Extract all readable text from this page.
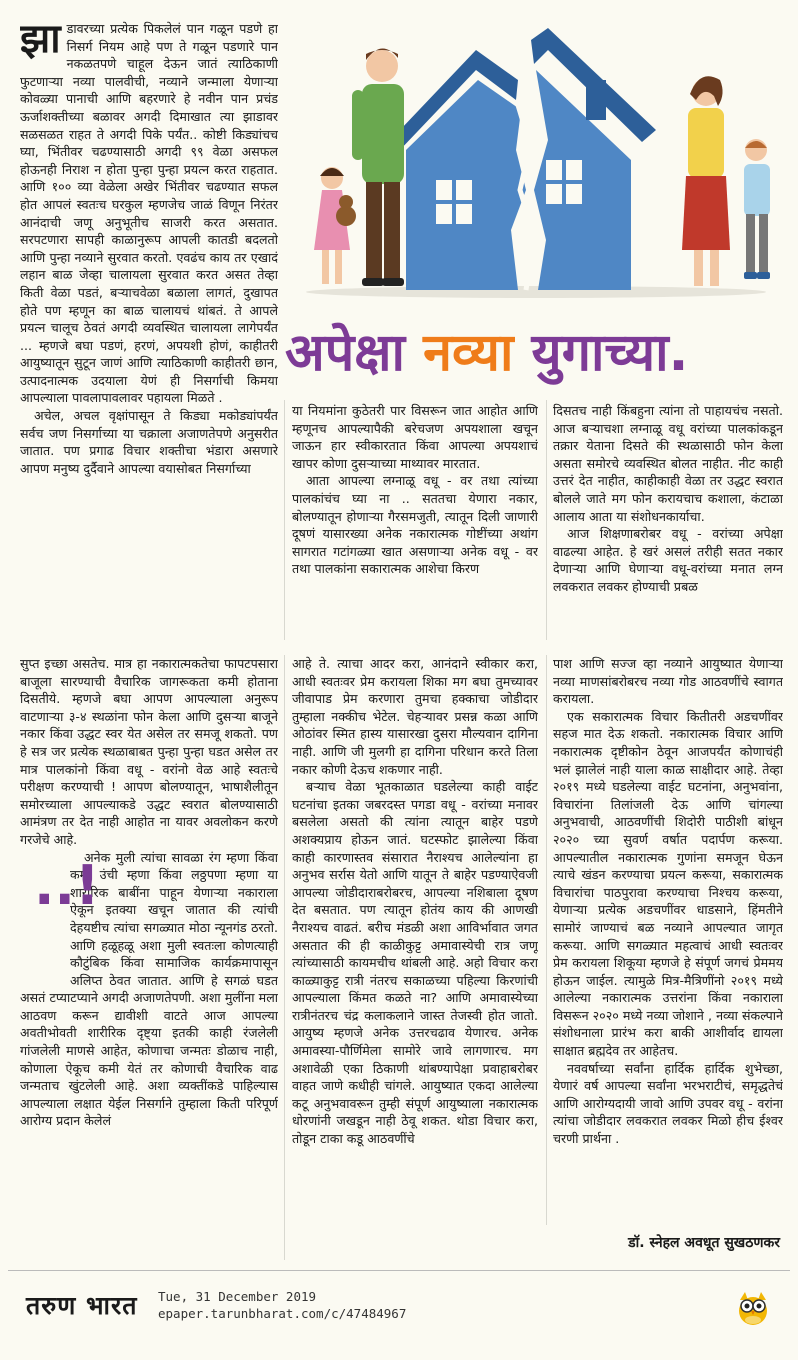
झा डावरच्या प्रत्येक पिकलेलं पान गळून पडणे हा निसर्ग नियम आहे पण ते गळून पडणारे पान नकळतपणे चाहूल देऊन जातं त्याठिकाणी फुटणाऱ्या नव्या पालवीची, नव्याने जन्माला येणाऱ्या कोवळ्या पानाची आणि बहरणारे हे नवीन पान प्रचंड ऊर्जाशक्तीच्या बळावर अगदी दिमाखात त्या झाडावर सळसळत राहत ते अगदी पिके पर्यंत.. कोष्टी किड्यांचच घ्या, भिंतीवर चढण्यासाठी अगदी ९९ वेळा असफल होऊनही निराश न होता पुन्हा पुन्हा प्रयत्न करत राहतात. आणि १०० व्या वेळेला अखेर भिंतीवर चढण्यात सफल होत आपलं स्वतःच घरकुल म्हणजेच जाळं विणून निरंतर आनंदाची जणू अनुभूतीच साजरी करत असतात. सरपटणारा सापही काळानुरूप आपली कातडी बदलतो आणि पुन्हा नव्याने सुरवात करतो. एवढंच काय तर एखादं लहान बाळ जेव्हा चालायला सुरवात करत असत तेव्हा किती वेळा पडतं, बऱ्याचवेळा बळाला लागतं, दुखापत होते पण म्हणून का बाळ चालायचं थांबतं. ते आपले प्रयत्न चालूच ठेवतं अगदी व्यवस्थित चालायला लागेपर्यंत ... म्हणजे बघा पडणं, हरणं, अपयशी होणं, काहीतरी आयुष्यातून सुटून जाणं आणि त्याठिकाणी काहीतरी छान, उत्पादनात्मक उदयाला येणं ही निसर्गाची किमया आपल्याला पावलापावलावर पहायला मिळते .

अचेल, अचल वृक्षांपासून ते किड्या मकोड्यांपर्यंत सर्वच जण निसर्गाच्या या चक्राला अजाणतेपणे अनुसरीत जातात. पण प्रगाढ विचार शक्तीचा भंडारा असणारे आपण मनुष्य दुर्दैवाने आपल्या वयासोबत निसर्गाच्या

अपेक्षा नव्या युगाच्या.

या नियमांना कुठेतरी पार विसरून जात आहोत आणि म्हणूनच आपल्यापैकी बरेचजण अपयशाला खचून जाऊन हार स्वीकारतात किंवा आपल्या अपयशाचं खापर कोणा दुसऱ्याच्या माथ्यावर मारतात.

आता आपल्या लग्नाळू वधू - वर तथा त्यांच्या पालकांचंच घ्या ना .. सततचा येणारा नकार, बोलण्यातून होणाऱ्या गैरसमजुती, त्यातून दिली जाणारी दूषणं यासारख्या अनेक नकारात्मक गोष्टींच्या अथांग सागरात गटांगळ्या खात असणाऱ्या अनेक वधू - वर तथा पालकांना सकारात्मक आशेचा किरण

दिसतच नाही किंबहुना त्यांना तो पाहायचंच नसतो. आज बऱ्याचशा लग्नाळू वधू वरांच्या पालकांकडून तक्रार येताना दिसते की स्थळासाठी फोन केला असता समोरचे व्यवस्थित बोलत नाहीत. नीट काही उत्तरं देत नाहीत, काहीकाही वेळा तर उद्धट स्वरात बोलले जाते मग फोन करायचाच कशाला, कंटाळा आलाय आता या संशोधनकार्याचा.

आज शिक्षणाबरोबर वधू - वरांच्या अपेक्षा वाढल्या आहेत. हे खरं असलं तरीही सतत नकार देणाऱ्या आणि घेणाऱ्या वधू-वरांच्या मनात लग्न लवकरात लवकर होण्याची प्रबळ

सुप्त इच्छा असतेच. मात्र हा नकारात्मकतेचा फापटपसारा बाजूला सारण्याची वैचारिक जागरूकता कमी होताना दिसतीये. म्हणजे बघा आपण आपल्याला अनुरूप वाटणाऱ्या ३-४ स्थळांना फोन केला आणि दुसऱ्या बाजूने नकार किंवा उद्धट स्वर येत असेल तर समजू शकतो. पण हे सत्र जर प्रत्येक स्थळाबाबत पुन्हा पुन्हा घडत असेल तर मात्र पालकांनो किंवा वधू - वरांनो वेळ आहे स्वतःचे परीक्षण करण्याची ! आपण बोलण्यातून, भाषाशैलीतून समोरच्याला आपल्याकडे उद्धट स्वरात बोलण्यासाठी आमंत्रण तर देत नाही आहोत ना यावर अवलोकन करणे गरजेचे आहे.

..!
अनेक मुली त्यांचा सावळा रंग म्हणा किंवा कमी उंची म्हणा किंवा लठ्ठपणा म्हणा या शारीरिक बाबींना पाहून येणाऱ्या नकाराला ऐकून इतक्या खचून जातात की त्यांची देहयष्टीच त्यांचा सगळ्यात मोठा न्यूनगंड ठरतो. आणि हळूहळू अशा मुली स्वतःला कोणत्याही कौटुंबिक किंवा सामाजिक कार्यक्रमापासून अलिप्त ठेवत जातात. आणि हे सगळं घडत असतं टप्याटप्याने अगदी अजाणतेपणी. अशा मुलींना मला आठवण करून द्यावीशी वाटते आज आपल्या अवतीभोवती शारीरिक दृष्ट्या इतकी काही रंजलेली गांजलेली माणसे आहेत, कोणाचा जन्मतः डोळाच नाही, कोणाला ऐकूच कमी येतं तर कोणाची वैचारिक वाढ जन्मताच खुंटलेली आहे. अशा व्यक्तींकडे पाहिल्यास आपल्याला लक्षात येईल निसर्गाने तुम्हाला किती परिपूर्ण आरोग्य प्रदान केलेलं

आहे ते. त्याचा आदर करा, आनंदाने स्वीकार करा, आधी स्वतःवर प्रेम करायला शिका मग बघा तुमच्यावर जीवापाड प्रेम करणारा तुमचा हक्काचा जोडीदार तुम्हाला नक्कीच भेटेल. चेहऱ्यावर प्रसन्न कळा आणि ओठांवर स्मित हास्य यासारखा दुसरा मौल्यवान दागिना नाही. आणि जी मुलगी हा दागिना परिधान करते तिला नकार कोणी देऊच शकणार नाही.

बऱ्याच वेळा भूतकाळात घडलेल्या काही वाईट घटनांचा इतका जबरदस्त पगडा वधू - वरांच्या मनावर बसलेला असतो की त्यांना त्यातून बाहेर पडणे अशक्यप्राय होऊन जातं. घटस्फोट झालेल्या किंवा काही कारणास्तव संसारात नैराश्यच आलेल्यांना हा अनुभव सर्रास येतो आणि यातून ते बाहेर पडण्याऐवजी आपल्या जोडीदाराबरोबरच, आपल्या नशिबाला दूषण देत बसतात. पण त्यातून होतंय काय की आणखी नैराश्यच वाढतं. बरीच मंडळी अशा आविर्भावात जगत असतात की ही काळीकुट्ट अमावास्येची रात्र जणू त्यांच्यासाठी कायमचीच थांबली आहे. अहो विचार करा काळ्याकुट्ट रात्री नंतरच सकाळच्या पहिल्या किरणांची आपल्याला किंमत कळते ना? आणि अमावास्येच्या रात्रीनंतरच चंद्र कलाकलाने जास्त तेजस्वी होत जातो. आयुष्य म्हणजे अनेक उत्तरचढाव येणारच. अनेक अमावस्या-पौर्णिमेला सामोरे जावे लागणारच. मग अशावेळी एका ठिकाणी थांबण्यापेक्षा प्रवाहाबरोबर वाहत जाणे कधीही चांगले. आयुष्यात एकदा आलेल्या कटू अनुभवावरून तुम्ही संपूर्ण आयुष्याला नकारात्मक धोरणांनी जखडून नाही ठेवू शकत. थोडा विचार करा, तोडून टाका कडू आठवणींचे

पाश आणि सज्ज व्हा नव्याने आयुष्यात येणाऱ्या नव्या माणसांबरोबरच नव्या गोड आठवणींचे स्वागत करायला.

एक सकारात्मक विचार कितीतरी अडचणींवर सहज मात देऊ शकतो. नकारात्मक विचार आणि नकारात्मक दृष्टीकोन ठेवून आजपर्यंत कोणाचंही भलं झालेलं नाही याला काळ साक्षीदार आहे. तेव्हा २०१९ मध्ये घडलेल्या वाईट घटनांना, अनुभवांना, विचारांना तिलांजली देऊ आणि चांगल्या अनुभवाची, आठवणींची शिदोरी पाठीशी बांधून २०२० च्या सुवर्ण वर्षात पदार्पण करूया. आपल्यातील नकारात्मक गुणांना समजून घेऊन त्याचे खंडन करण्याचा प्रयत्न करूया, सकारात्मक विचारांचा पाठपुरावा करण्याचा निश्चय करूया, येणाऱ्या प्रत्येक अडचणींवर धाडसाने, हिंमतीने सामोरं जाण्याचं बळ नव्याने आपल्यात जागृत करूया. आणि सगळ्यात महत्वाचं आधी स्वतःवर प्रेम करायला शिकूया म्हणजे हे संपूर्ण जगचं प्रेममय होऊन जाईल. त्यामुळे मित्र-मैत्रिणींनो २०१९ मध्ये आलेल्या नकारात्मक उत्तरांना किंवा नकाराला विसरून २०२० मध्ये नव्या जोशाने , नव्या संकल्पाने संशोधनाला प्रारंभ करा बाकी आशीर्वाद द्यायला साक्षात ब्रह्मदेव तर आहेतच.

नववर्षाच्या सर्वांना हार्दिक हार्दिक शुभेच्छा, येणारं वर्ष आपल्या सर्वांना भरभराटीचं, समृद्धतेचं आणि आरोग्यदायी जावो आणि उपवर वधू - वरांना त्यांचा जोडीदार लवकरात लवकर मिळो हीच ईश्वर चरणी प्रार्थना .

डॉ. स्नेहल अवधूत सुखठणकर
तरुण भारत Tue, 31 December 2019
epaper.tarunbharat.com/c/47484967
